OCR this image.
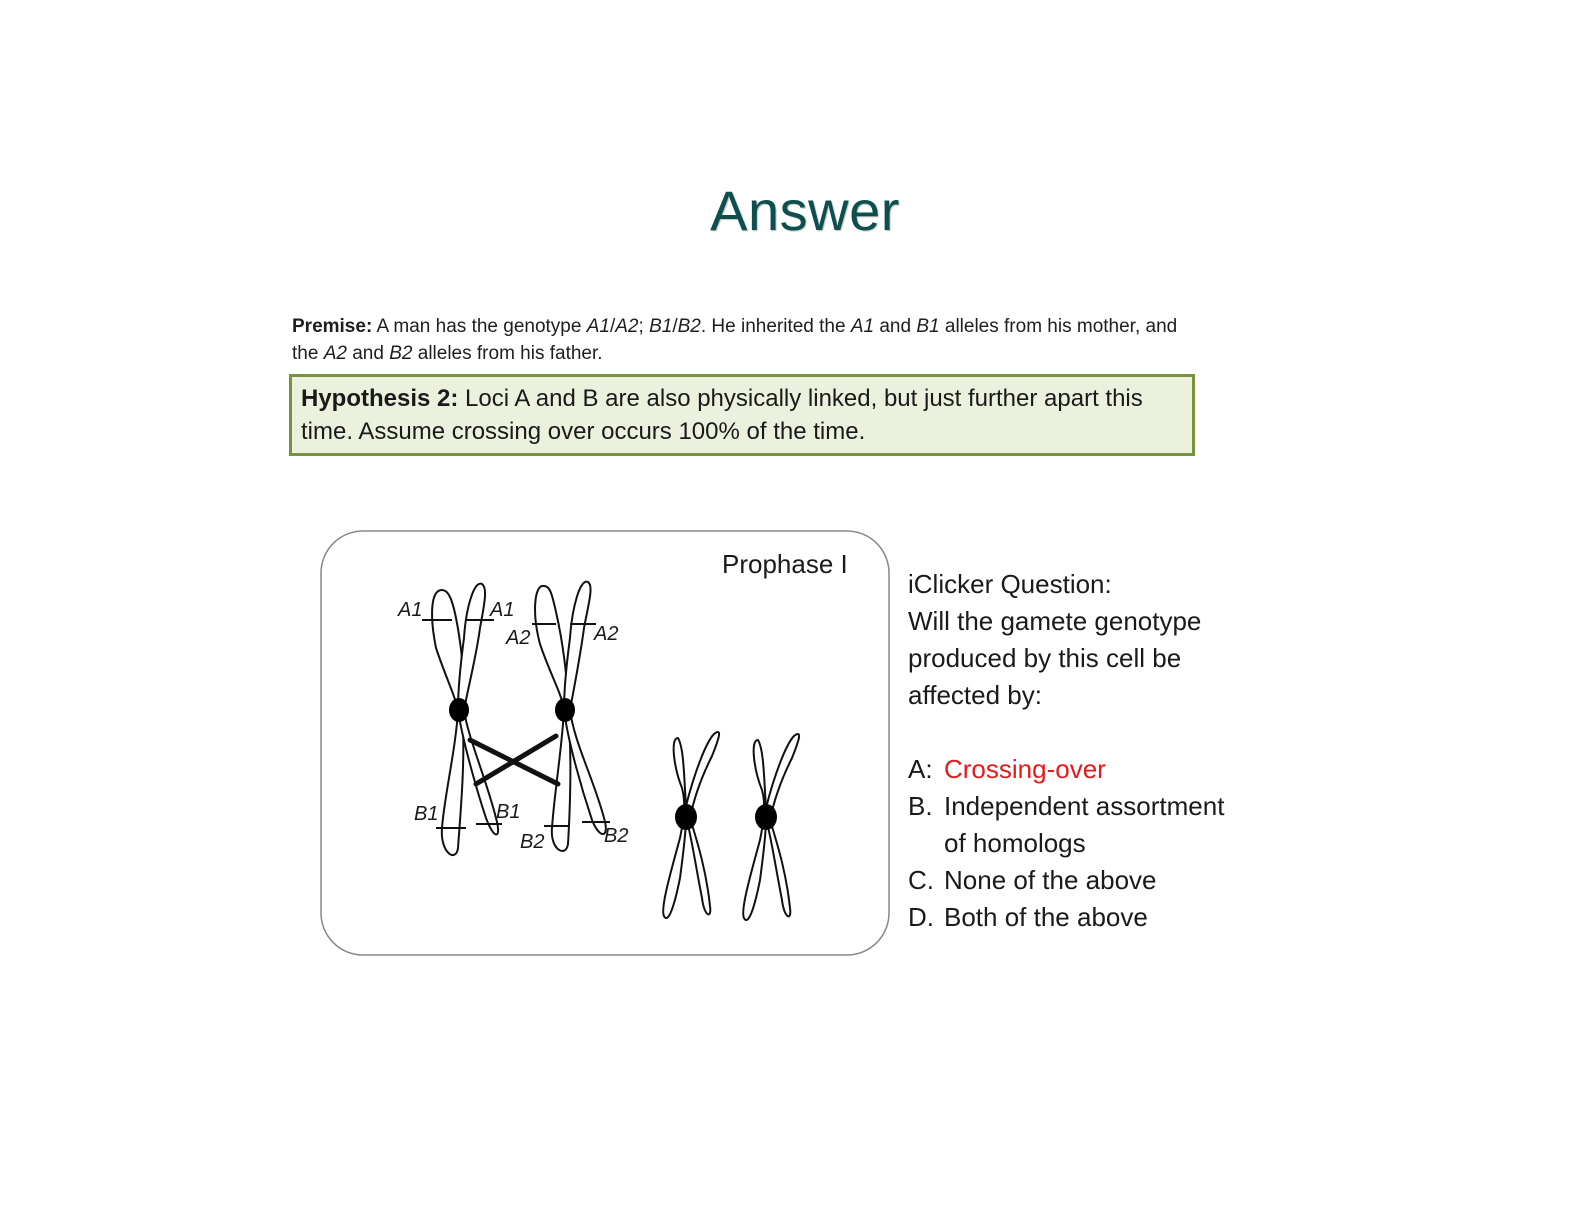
Answer
Premise: A man has the genotype A1/A2; B1/B2. He inherited the A1 and B1 alleles from his mother, and the A2 and B2 alleles from his father.
Hypothesis 2: Loci A and B are also physically linked, but just further apart this time. Assume crossing over occurs 100% of the time.
Prophase I
A1	A1
A2	A2
B1	B1
B2	B2
iClicker Question:
Will the gamete genotype
produced by this cell be
affected by:
A: Crossing-over
B. Independent assortment
of homologs
C. None of the above
D. Both of the above
